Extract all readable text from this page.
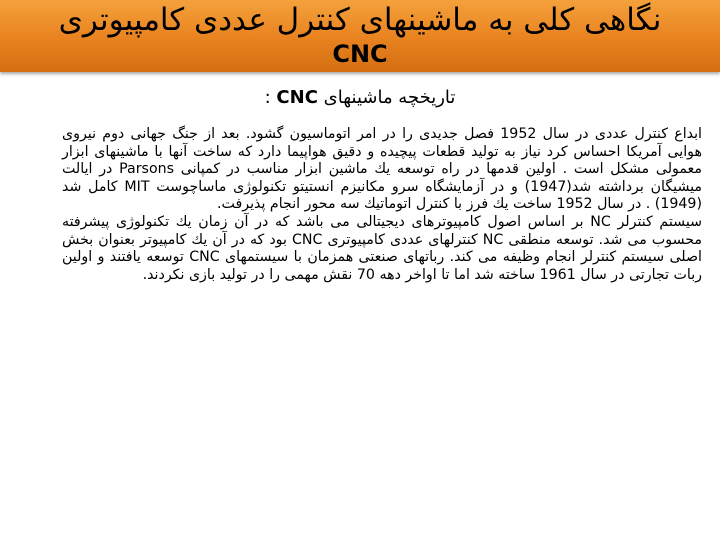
نگاهی کلی به ماشینهای کنترل عددی کامپیوتری
CNC
تاریخچه ماشینهای CNC :

ابداع کنترل عددی در سال 1952 فصل جدیدی را در امر اتوماسیون گشود. بعد از جنگ جهانی دوم نیروی هوایی آمریکا احساس کرد نیاز به تولید قطعات پیچیده و دقیق هواپیما دارد که ساخت آنها با ماشینهای ابزار معمولی مشکل است . اولین قدمها در راه توسعه يك ماشین ابزار مناسب در کمپانی Parsons در ایالت میشیگان برداشته شد(1947) و در آزمایشگاه سرو مکانیزم انستیتو تکنولوژی ماساچوست MIT کامل شد (1949) . در سال 1952 ساخت يك فرز با کنترل اتوماتيك سه محور انجام پذيرفت.

سیستم کنترلر NC بر اساس اصول کامپیوترهای دیجیتالی می باشد که در آن زمان يك تكنولوژی پیشرفته محسوب می شد. توسعه منطقی NC کنترلهای عددی کامپیوتری CNC بود که در آن يك کامپیوتر بعنوان بخش اصلی سیستم کنترلر انجام وظیفه می کند. رباتهای صنعتی همزمان با سیستمهای CNC توسعه یافتند و اولین ربات تجارتی در سال 1961 ساخته شد اما تا اواخر دهه 70 نقش مهمی را در تولید بازی نکردند.
